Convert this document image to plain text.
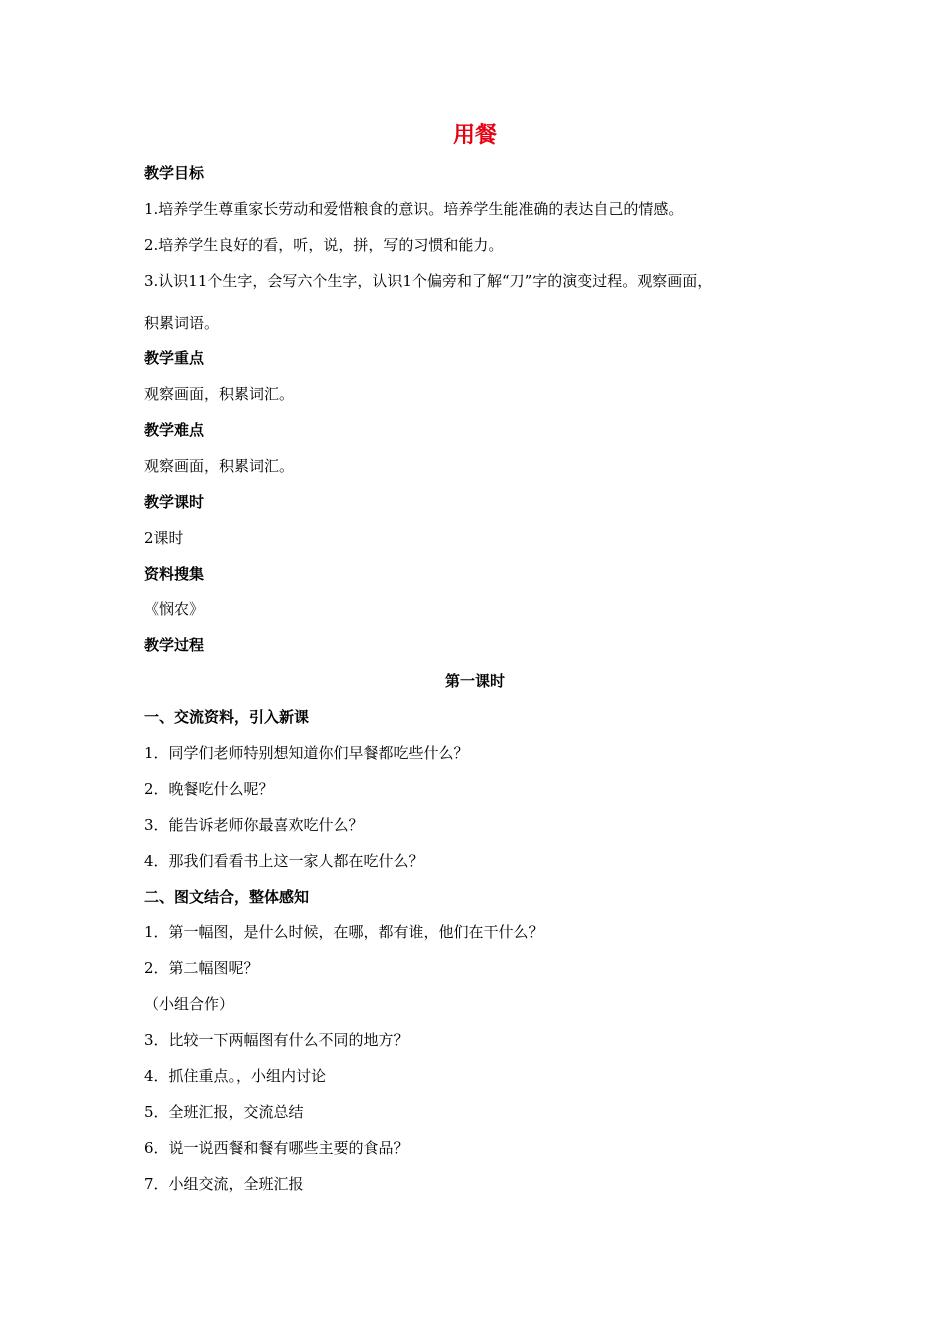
用餐
教学目标
1.培养学生尊重家长劳动和爱惜粮食的意识。培养学生能准确的表达自己的情感。
2.培养学生良好的看，听，说，拼，写的习惯和能力。
3.认识11个生字，会写六个生字，认识1个偏旁和了解“刀”字的演变过程。观察画面，
积累词语。
教学重点
观察画面，积累词汇。
教学难点
观察画面，积累词汇。
教学课时
2课时
资料搜集
《悯农》
教学过程
第一课时
一、交流资料，引入新课
1．同学们老师特别想知道你们早餐都吃些什么？
2．晚餐吃什么呢？
3．能告诉老师你最喜欢吃什么？
4．那我们看看书上这一家人都在吃什么？
二、图文结合，整体感知
1．第一幅图，是什么时候，在哪，都有谁，他们在干什么？
2．第二幅图呢？
（小组合作）
3．比较一下两幅图有什么不同的地方？
4．抓住重点。，小组内讨论
5．全班汇报，交流总结
6．说一说西餐和餐有哪些主要的食品？
7．小组交流，全班汇报
